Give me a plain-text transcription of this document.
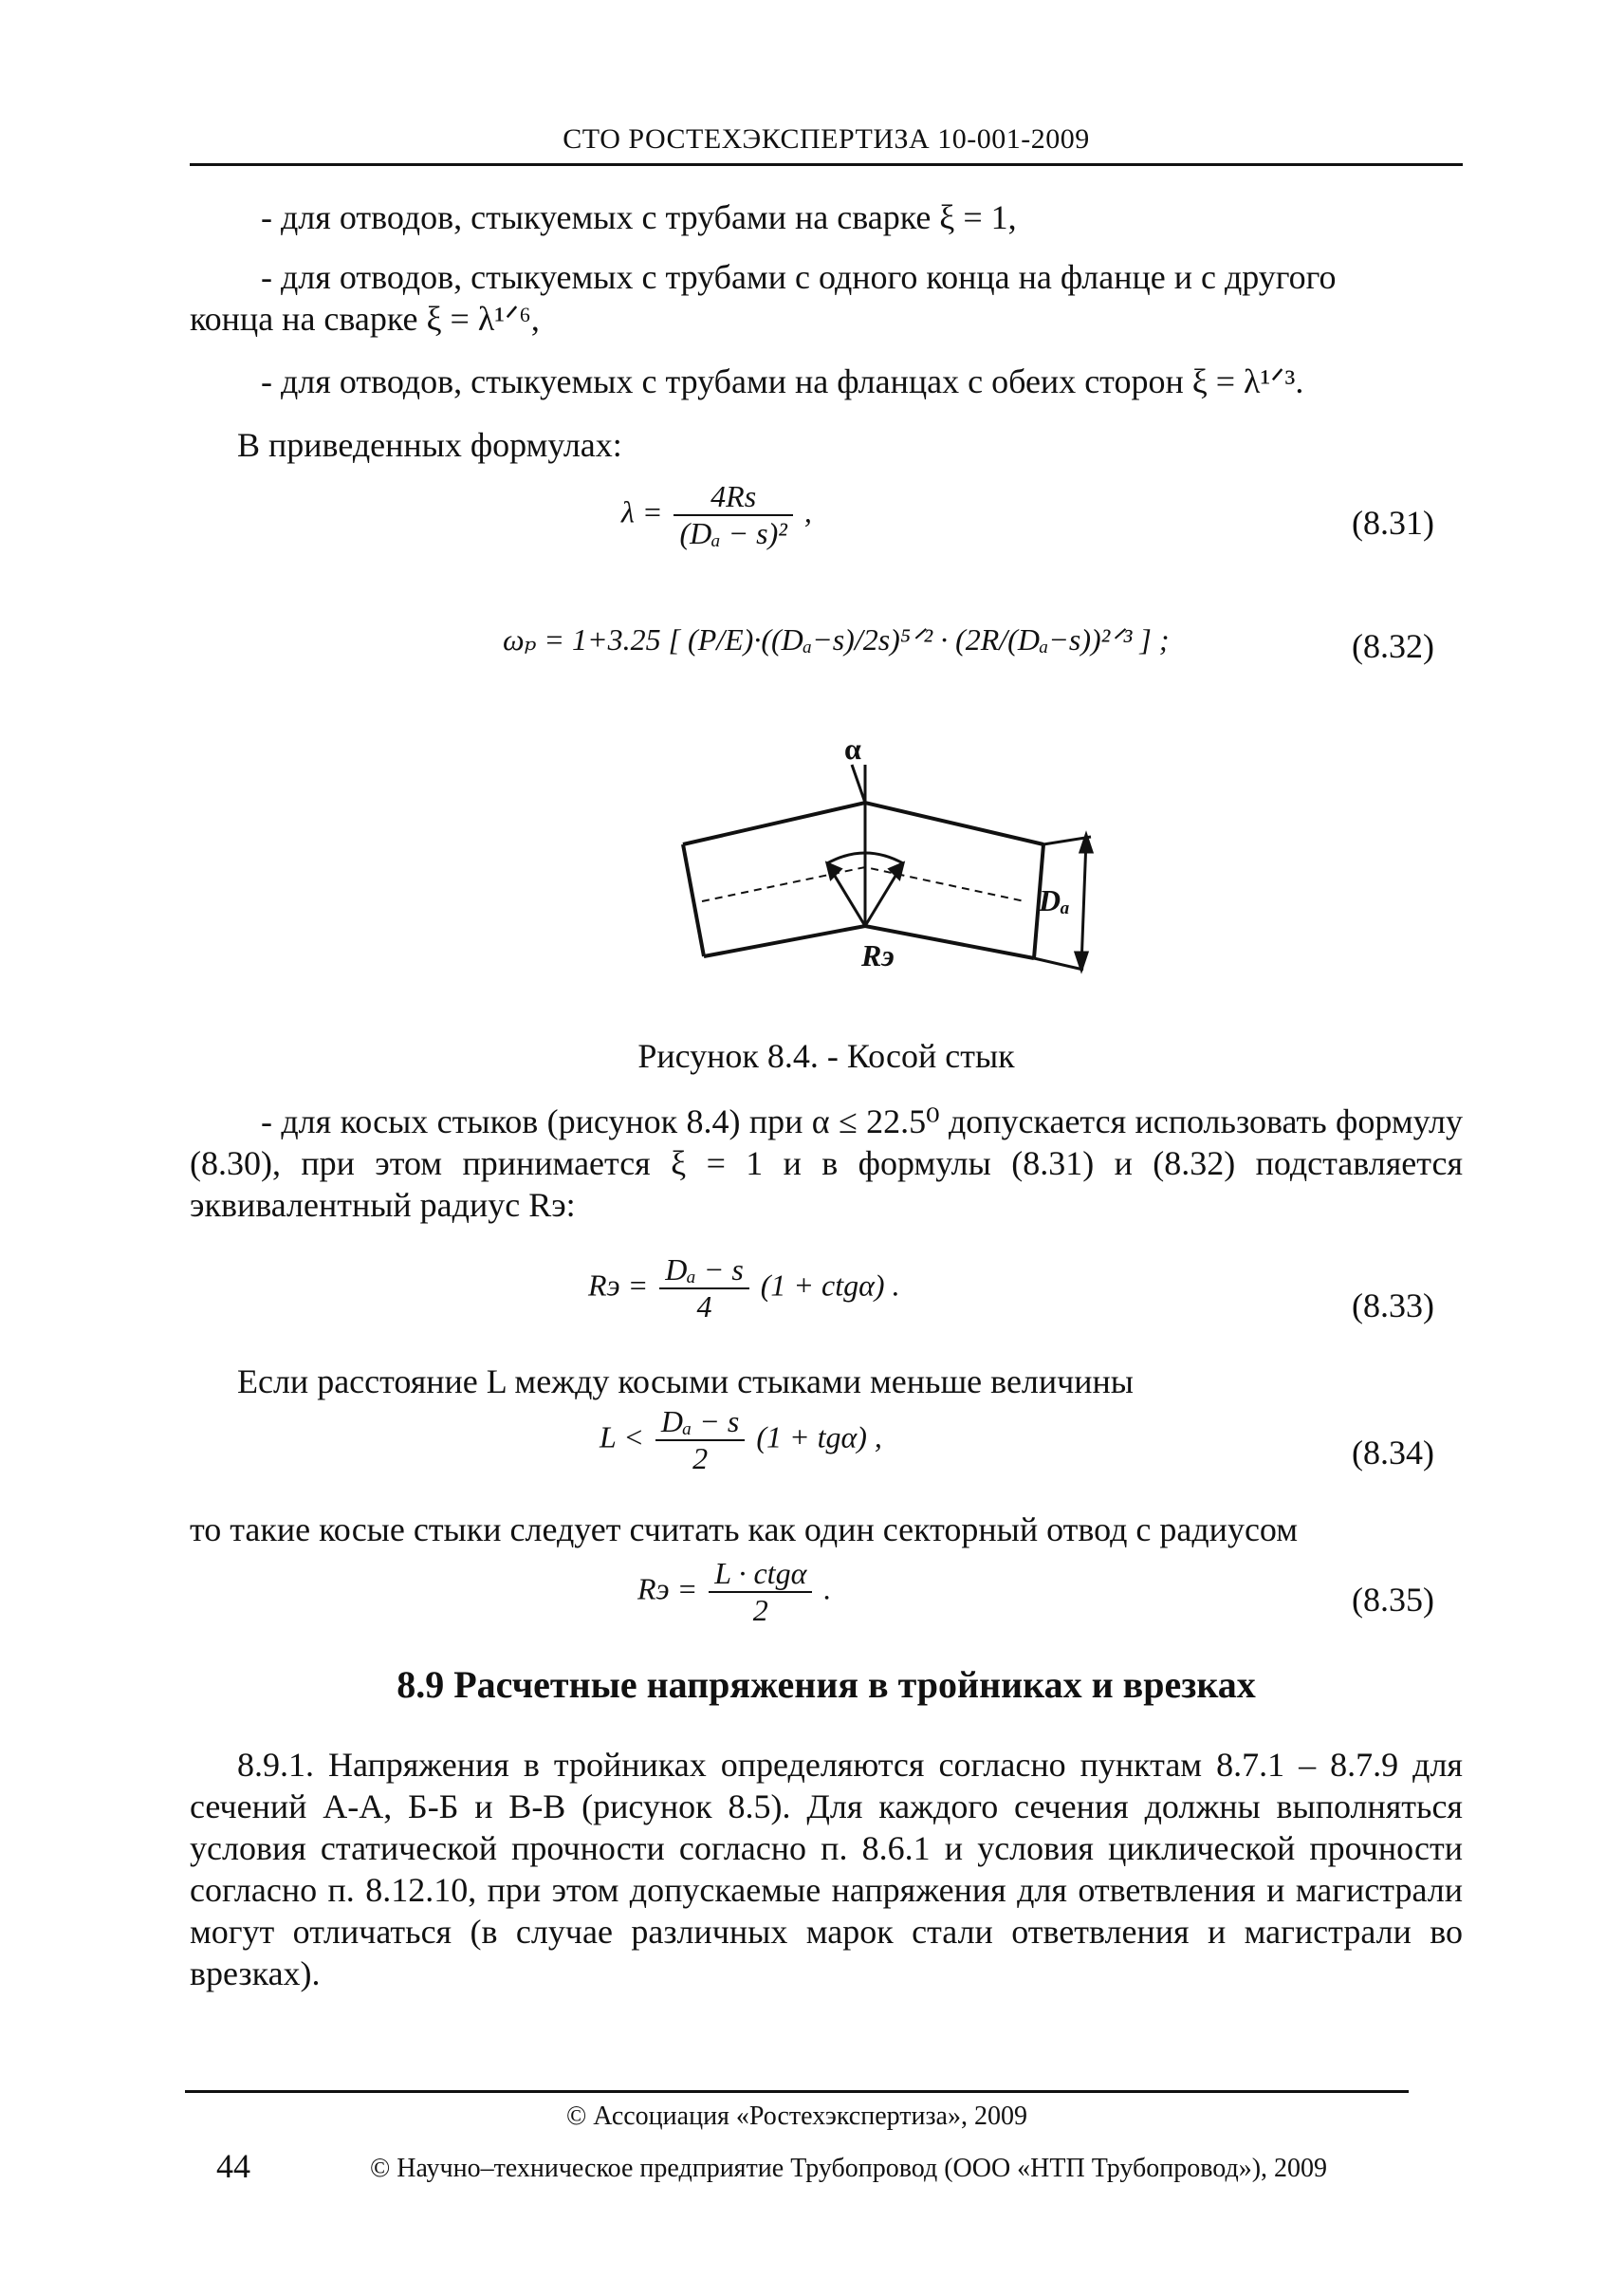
СТО РОСТЕХЭКСПЕРТИЗА 10-001-2009
- для отводов, стыкуемых с трубами на сварке ξ = 1,
- для отводов, стыкуемых с трубами с одного конца на фланце и с другого
конца на сварке ξ = λ¹ᐟ⁶,
- для отводов, стыкуемых с трубами на фланцах с обеих сторон ξ = λ¹ᐟ³.
В приведенных формулах:
$\lambda = \frac{4Rs}{\text{(Dₐ − s)²}}$ ,	(8.31)
ωₚ = 1+3.25 [ (P/E)·((Dₐ−s)/2s)⁵ᐟ² · (2R/(Dₐ−s))²ᐟ³ ] ;	(8.32)
α
Dₐ
Rэ
Рисунок 8.4. - Косой стык
- для косых стыков (рисунок 8.4) при α ≤ 22.5⁰ допускается использовать формулу (8.30), при этом принимается ξ = 1 и в формулы (8.31) и (8.32) подставляется эквивалентный радиус Rэ:
Rэ = $\frac{\text{Dₐ − s}}{4} (1 + ctg\alpha)$ .
(8.33)
Если расстояние L между косыми стыками меньше величины
$L < \frac{\text{Dₐ − s}}{2} (1 + tg\alpha)$ ,	(8.34)
то такие косые стыки следует считать как один секторный отвод с радиусом
Rэ = $\frac{\text{L · ctgα}}{2}$ .	(8.35)
8.9 Расчетные напряжения в тройниках и врезках
8.9.1. Напряжения в тройниках определяются согласно пунктам 8.7.1 – 8.7.9 для сечений А-А, Б-Б и В-В (рисунок 8.5). Для каждого сечения должны выполняться условия статической прочности согласно п. 8.6.1 и условия циклической прочности согласно п. 8.12.10, при этом допускаемые напряжения для ответвления и магистрали могут отличаться (в случае различных марок стали ответвления и магистрали во врезках).
© Ассоциация «Ростехэкспертиза», 2009
44	© Научно–техническое предприятие Трубопровод (ООО «НТП Трубопровод»), 2009
